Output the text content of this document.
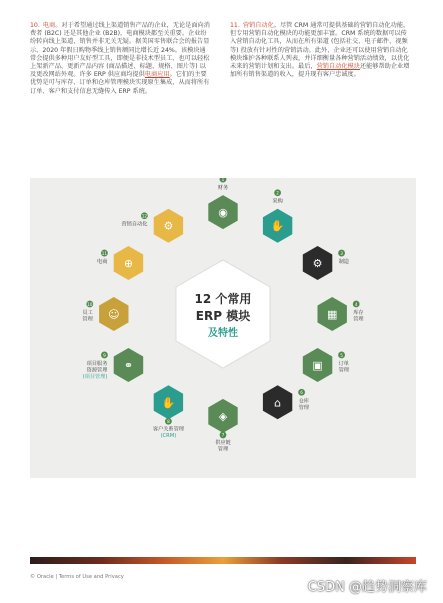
10. 电商。对于希望通过线上渠道销售产品的企业，无论是面向消费者 (B2C) 还是其他企业 (B2B)，电商模块都至关重要。企业纷纷转向线上渠道，销售并非无关无疑。据美国零售联合会的报告显示，2020 年假日购物季线上销售额同比增长近 24%。该模块通常会提供多种用户友好型工具，即便是非技术型员工，也可以轻松上架新产品、更新产品内容 (商品描述、标题、规格、图片等) 以及更改网站外观。许多 ERP 供应商均提供电商应用。它们的主要优势是可与库存、订单和仓库管理模块实现原生集成，从而将所有订单、客户和支付信息无缝传入 ERP 系统。

11. 营销自动化。尽管 CRM 通常可提供基础的营销自动化功能，但专用营销自动化模块的功能更加丰富。CRM 系统的数据可以传入营销自动化工具，从而在所有渠道 (包括社交、电子邮件、视频等) 投放有针对性的营销活动。此外，企业还可以使用营销自动化模块维护各种联系人列表，并详细衡量各种营销活动绩效，以优化未来的营销计划和支出。最后，营销自动化模块还能够帮助企业增加所有销售渠道的收入，提升现有客户忠诚度。

12 个常用
ERP 模块
及特性
◉
1
财务
✋
2
采购
⚙
3
制造
▦
4
库存
管理
▣
5
订单
管理
⌂
6
仓库
管理
◈
7
供应链
管理
✋
8
客户关系管理
(CRM)
⚭
9
项目服务
资源管理
(项目管理)
☺
10
员工
管理
⊕
11
电商
⚙
12
营销自动化
© Oracle | Terms of Use and Privacy
CSDN @趋势洞察库
